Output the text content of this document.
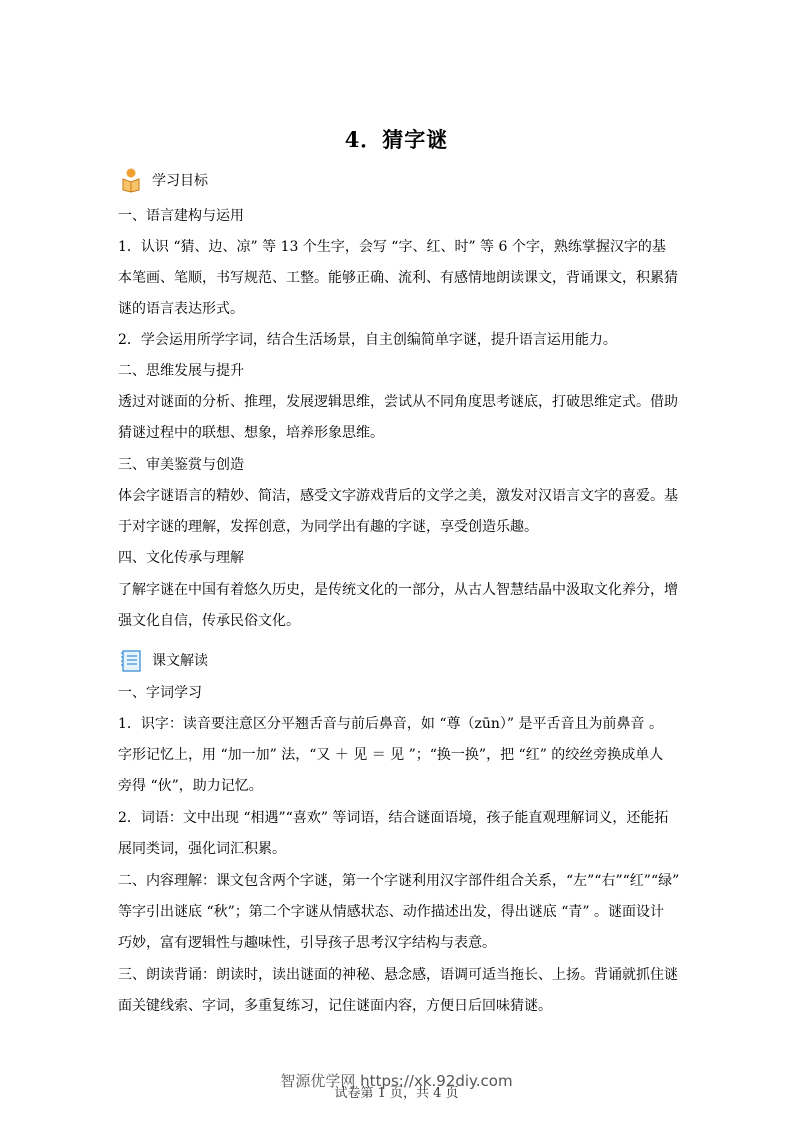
4．猜字谜
学习目标
课文解读
一、语言建构与运用
1．认识 “猜、边、凉” 等 13 个生字，会写 “字、红、时” 等 6 个字，熟练掌握汉字的基
本笔画、笔顺，书写规范、工整。能够正确、流利、有感情地朗读课文，背诵课文，积累猜
谜的语言表达形式。
2．学会运用所学字词，结合生活场景，自主创编简单字谜，提升语言运用能力。
二、思维发展与提升
透过对谜面的分析、推理，发展逻辑思维，尝试从不同角度思考谜底，打破思维定式。借助
猜谜过程中的联想、想象，培养形象思维。
三、审美鉴赏与创造
体会字谜语言的精妙、简洁，感受文字游戏背后的文学之美，激发对汉语言文字的喜爱。基
于对字谜的理解，发挥创意，为同学出有趣的字谜，享受创造乐趣。
四、文化传承与理解
了解字谜在中国有着悠久历史，是传统文化的一部分，从古人智慧结晶中汲取文化养分，增
强文化自信，传承民俗文化。
一、字词学习
1．识字：读音要注意区分平翘舌音与前后鼻音，如 “尊（zūn）” 是平舌音且为前鼻音 。
字形记忆上，用 “加一加” 法，“又 ＋ 见 ＝ 见 ”；“换一换”，把 “红” 的绞丝旁换成单人
旁得 “伙”，助力记忆。
2．词语：文中出现 “相遇”“喜欢” 等词语，结合谜面语境，孩子能直观理解词义，还能拓
展同类词，强化词汇积累。
二、内容理解：课文包含两个字谜，第一个字谜利用汉字部件组合关系，“左”“右”“红”“绿”
等字引出谜底 “秋”；第二个字谜从情感状态、动作描述出发，得出谜底 “青” 。谜面设计
巧妙，富有逻辑性与趣味性，引导孩子思考汉字结构与表意。
三、朗读背诵：朗读时，读出谜面的神秘、悬念感，语调可适当拖长、上扬。背诵就抓住谜
面关键线索、字词，多重复练习，记住谜面内容，方便日后回味猜谜。
试卷第 1 页，共 4 页
智源优学网 https://xk.92diy.com
